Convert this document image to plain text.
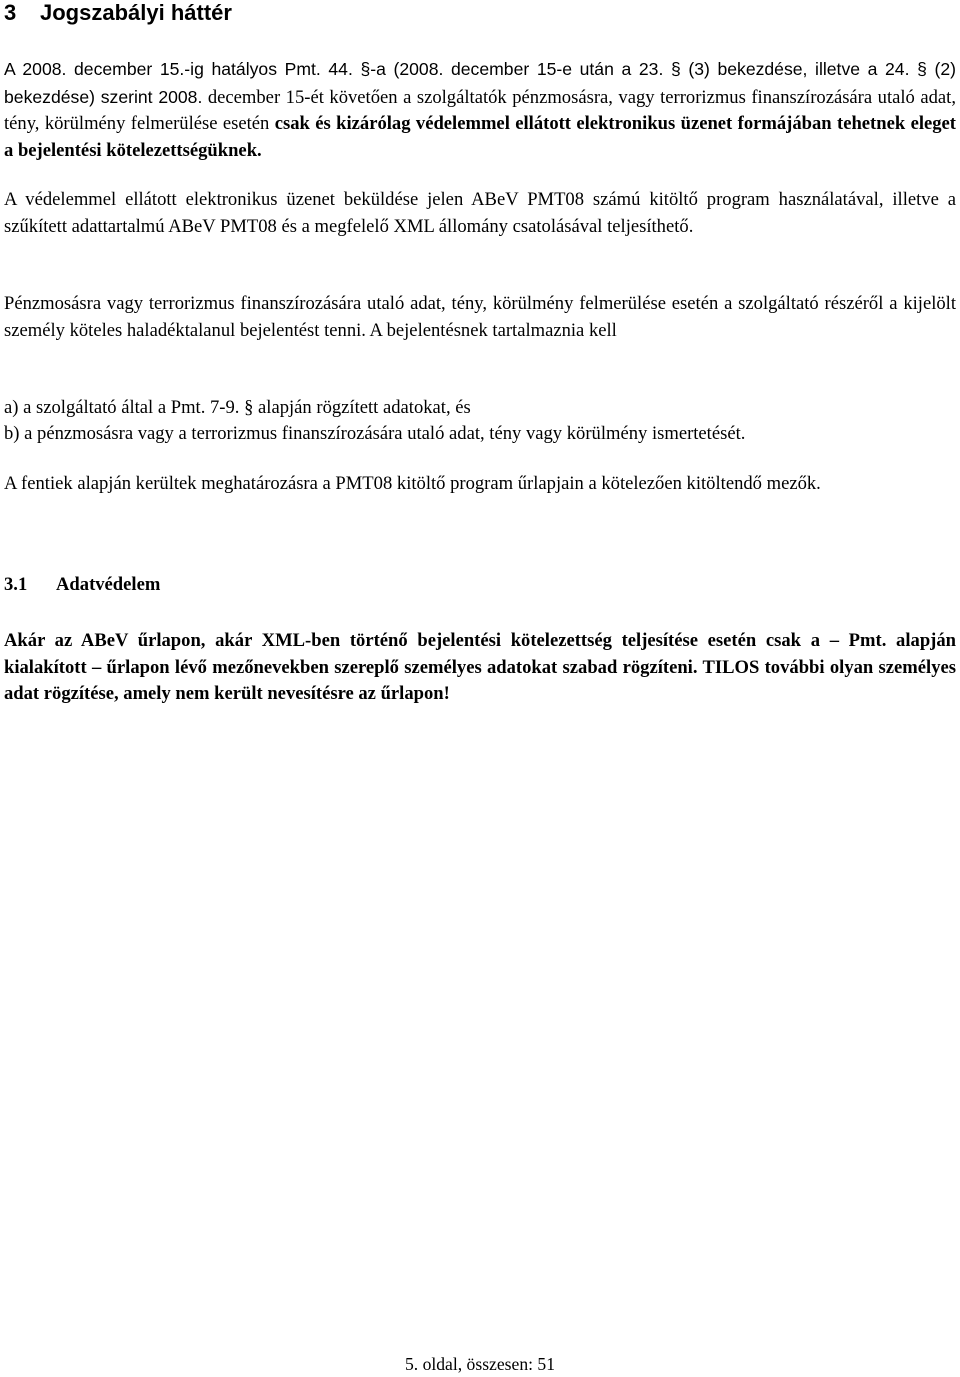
3 Jogszabályi háttér

A 2008. december 15.-ig hatályos Pmt. 44. §-a (2008. december 15-e után a 23. § (3) bekezdése, illetve a 24. § (2) bekezdése) szerint 2008. december 15-ét követően a szolgáltatók pénzmosásra, vagy terrorizmus finanszírozására utaló adat, tény, körülmény felmerülése esetén csak és kizárólag védelemmel ellátott elektronikus üzenet formájában tehetnek eleget a bejelentési kötelezettségüknek.

A védelemmel ellátott elektronikus üzenet beküldése jelen ABeV PMT08 számú kitöltő program használatával, illetve a szűkített adattartalmú ABeV PMT08 és a megfelelő XML állomány csatolásával teljesíthető.

Pénzmosásra vagy terrorizmus finanszírozására utaló adat, tény, körülmény felmerülése esetén a szolgáltató részéről a kijelölt személy köteles haladéktalanul bejelentést tenni. A bejelentésnek tartalmaznia kell

a) a szolgáltató által a Pmt. 7-9. § alapján rögzített adatokat, és

b) a pénzmosásra vagy a terrorizmus finanszírozására utaló adat, tény vagy körülmény ismertetését.

A fentiek alapján kerültek meghatározásra a PMT08 kitöltő program űrlapjain a kötelezően kitöltendő mezők.

3.1 Adatvédelem

Akár az ABeV űrlapon, akár XML-ben történő bejelentési kötelezettség teljesítése esetén csak a – Pmt. alapján kialakított – űrlapon lévő mezőnevekben szereplő személyes adatokat szabad rögzíteni. TILOS további olyan személyes adat rögzítése, amely nem került nevesítésre az űrlapon!

5. oldal, összesen: 51
